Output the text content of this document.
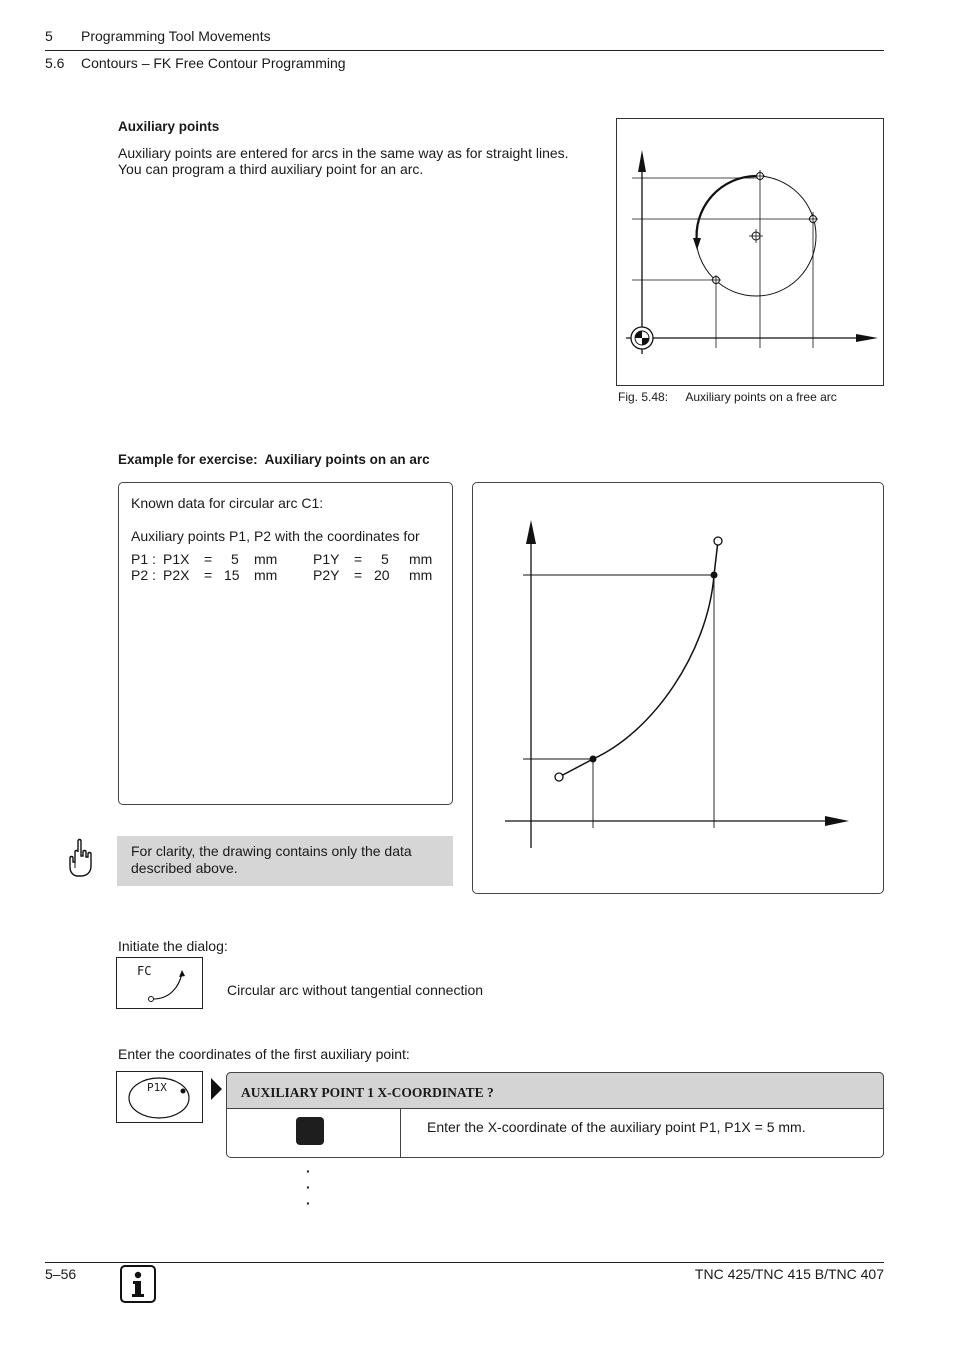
5 Programming Tool Movements
5.6 Contours – FK Free Contour Programming
Auxiliary points
Auxiliary points are entered for arcs in the same way as for straight lines.
You can program a third auxiliary point for an arc.
Fig. 5.48: Auxiliary points on a free arc
Example for exercise:  Auxiliary points on an arc
Known data for circular arc C1:
Auxiliary points P1, P2 with the coordinates for
P1 : P1X = 5 mm	P1Y = 5 mm
P2 : P2X = 15 mm	P2Y = 20 mm
For clarity, the drawing contains only the data described above.
Initiate the dialog:
FC
Circular arc without tangential connection
Enter the coordinates of the first auxiliary point:
P1X	AUXILIARY POINT 1 X-COORDINATE ?
Enter the X-coordinate of the auxiliary point P1, P1X = 5 mm.
·
·
·
5–56	TNC 425/TNC 415 B/TNC 407
